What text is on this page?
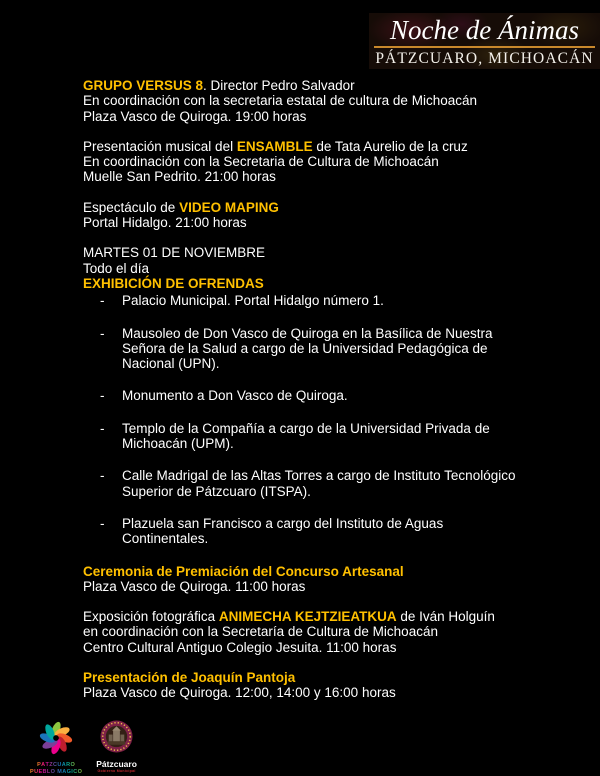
Noche de Ánimas
PÁTZCUARO, MICHOACÁN
GRUPO VERSUS 8. Director Pedro Salvador
En coordinación con la secretaria estatal de cultura de Michoacán
Plaza Vasco de Quiroga. 19:00 horas
Presentación musical del ENSAMBLE de Tata Aurelio de la cruz
En coordinación con la Secretaria de Cultura de Michoacán
Muelle San Pedrito. 21:00 horas
Espectáculo de VIDEO MAPING
Portal Hidalgo. 21:00 horas
MARTES 01 DE NOVIEMBRE
Todo el día
EXHIBICIÓN DE OFRENDAS
-	Palacio Municipal. Portal Hidalgo número 1.
-	Mausoleo de Don Vasco de Quiroga en la Basílica de Nuestra Señora de la Salud a cargo de la Universidad Pedagógica de Nacional (UPN).
-	Monumento a Don Vasco de Quiroga.
-	Templo de la Compañía a cargo de la Universidad Privada de Michoacán (UPM).
-	Calle Madrigal de las Altas Torres a cargo de Instituto Tecnológico Superior de Pátzcuaro (ITSPA).
-	Plazuela san Francisco a cargo del Instituto de Aguas Continentales.
Ceremonia de Premiación del Concurso Artesanal
Plaza Vasco de Quiroga. 11:00 horas
Exposición fotográfica ANIMECHA KEJTZIEATKUA de Iván Holguín
en coordinación con la Secretaría de Cultura de Michoacán
Centro Cultural Antiguo Colegio Jesuita. 11:00 horas
Presentación de Joaquín Pantoja
Plaza Vasco de Quiroga. 12:00, 14:00 y 16:00 horas
PÁTZCUARO
PUEBLO MÁGICO
Pátzcuaro
Gobierno Municipal
